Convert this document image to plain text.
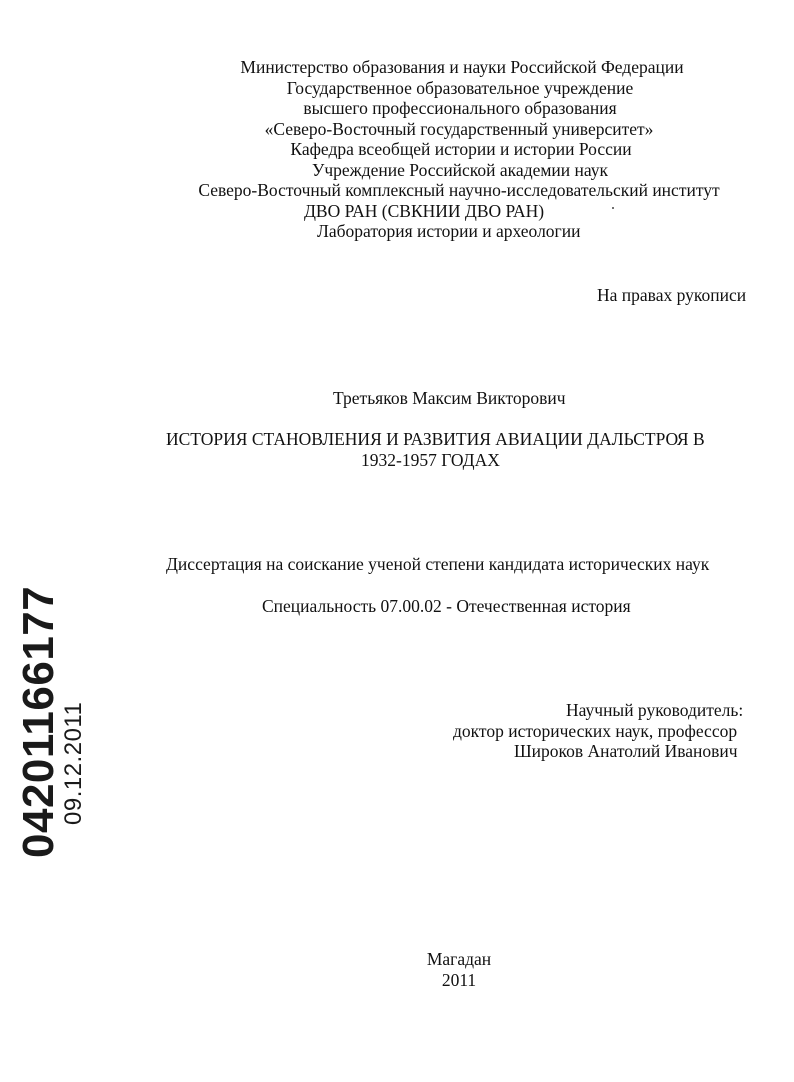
Министерство образования и науки Российской Федерации
Государственное образовательное учреждение
высшего профессионального образования
«Северо-Восточный государственный университет»
Кафедра всеобщей истории и истории России
Учреждение Российской академии наук
Северо-Восточный комплексный научно-исследовательский институт
ДВО РАН (СВКНИИ ДВО РАН)
Лаборатория истории и археологии
На правах рукописи
Третьяков Максим Викторович
ИСТОРИЯ СТАНОВЛЕНИЯ И РАЗВИТИЯ АВИАЦИИ ДАЛЬСТРОЯ В
1932-1957 ГОДАХ
Диссертация на соискание ученой степени кандидата исторических наук
Специальность 07.00.02 - Отечественная история
Научный руководитель:
доктор исторических наук, профессор
Широков Анатолий Иванович
Магадан
2011
04201166177
09.12.2011
